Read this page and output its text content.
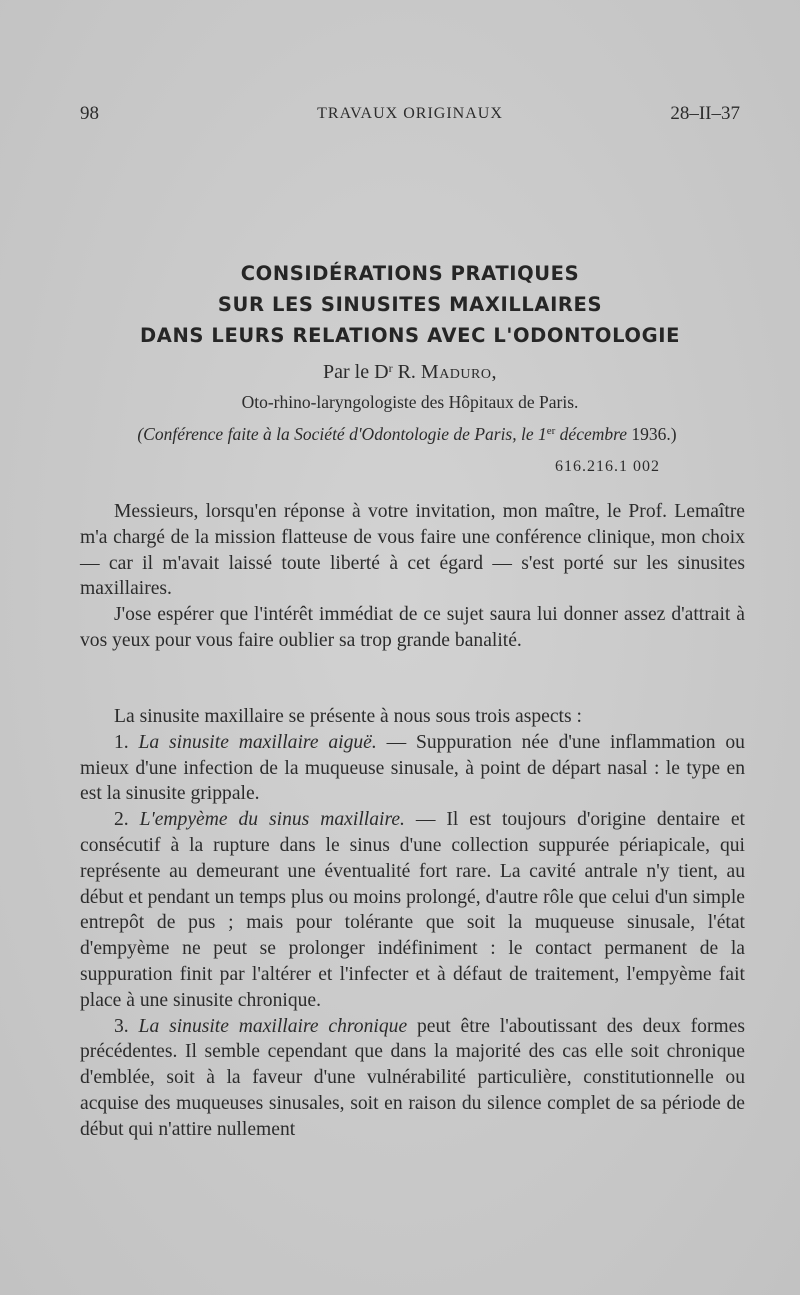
98	TRAVAUX ORIGINAUX	28–II–37
CONSIDÉRATIONS PRATIQUES
SUR LES SINUSITES MAXILLAIRES
DANS LEURS RELATIONS AVEC L'ODONTOLOGIE
Par le $D^r$ R. Maduro,
Oto-rhino-laryngologiste des Hôpitaux de Paris.
(Conférence faite à la Société d'Odontologie de Paris, le 1er décembre 1936.)
616.216.1 002

Messieurs, lorsqu'en réponse à votre invitation, mon maître, le Prof. Lemaître m'a chargé de la mission flatteuse de vous faire une conférence clinique, mon choix — car il m'avait laissé toute liberté à cet égard — s'est porté sur les sinusites maxillaires.

J'ose espérer que l'intérêt immédiat de ce sujet saura lui donner assez d'attrait à vos yeux pour vous faire oublier sa trop grande banalité.

La sinusite maxillaire se présente à nous sous trois aspects :

1. La sinusite maxillaire aiguë. — Suppuration née d'une inflammation ou mieux d'une infection de la muqueuse sinusale, à point de départ nasal : le type en est la sinusite grippale.

2. L'empyème du sinus maxillaire. — Il est toujours d'origine dentaire et consécutif à la rupture dans le sinus d'une collection suppurée périapicale, qui représente au demeurant une éventualité fort rare. La cavité antrale n'y tient, au début et pendant un temps plus ou moins prolongé, d'autre rôle que celui d'un simple entrepôt de pus ; mais pour tolérante que soit la muqueuse sinusale, l'état d'empyème ne peut se prolonger indéfiniment : le contact permanent de la suppuration finit par l'altérer et l'infecter et à défaut de traitement, l'empyème fait place à une sinusite chronique.

3. La sinusite maxillaire chronique peut être l'aboutissant des deux formes précédentes. Il semble cependant que dans la majorité des cas elle soit chronique d'emblée, soit à la faveur d'une vulnérabilité particulière, constitutionnelle ou acquise des muqueuses sinusales, soit en raison du silence complet de sa période de début qui n'attire nullement
